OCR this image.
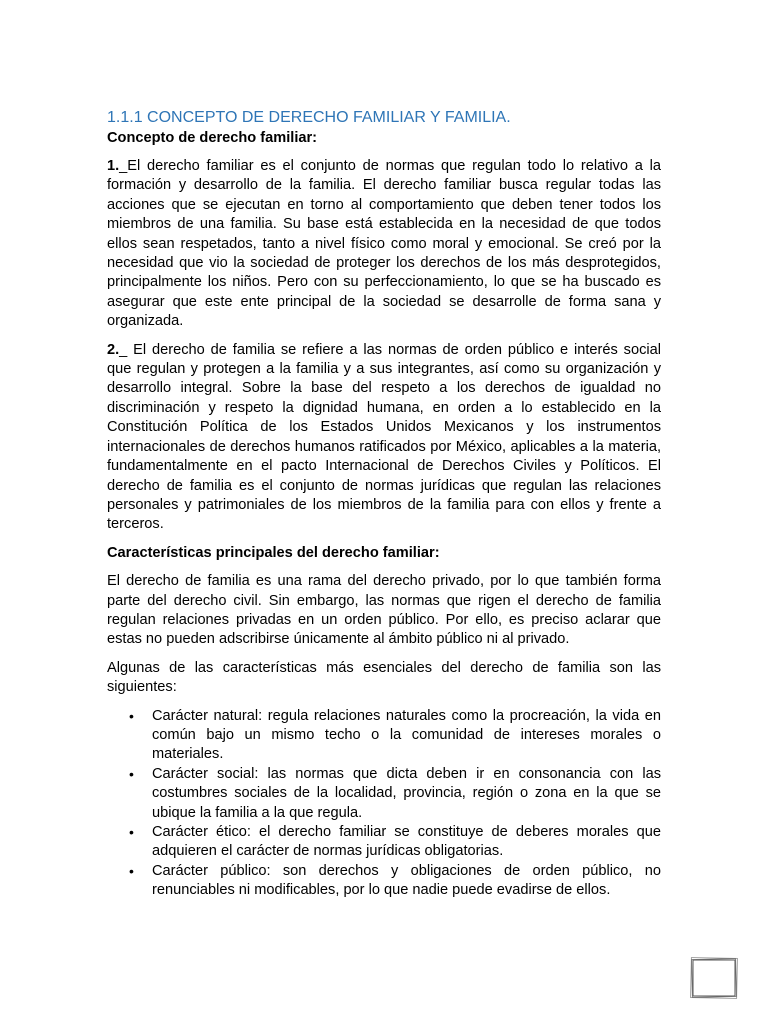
1.1.1 CONCEPTO DE DERECHO FAMILIAR Y FAMILIA.
Concepto de derecho familiar:

1._El derecho familiar es el conjunto de normas que regulan todo lo relativo a la formación y desarrollo de la familia. El derecho familiar busca regular todas las acciones que se ejecutan en torno al comportamiento que deben tener todos los miembros de una familia. Su base está establecida en la necesidad de que todos ellos sean respetados, tanto a nivel físico como moral y emocional. Se creó por la necesidad que vio la sociedad de proteger los derechos de los más desprotegidos, principalmente los niños. Pero con su perfeccionamiento, lo que se ha buscado es asegurar que este ente principal de la sociedad se desarrolle de forma sana y organizada.

2._ El derecho de familia se refiere a las normas de orden público e interés social que regulan y protegen a la familia y a sus integrantes, así como su organización y desarrollo integral. Sobre la base del respeto a los derechos de igualdad no discriminación y respeto la dignidad humana, en orden a lo establecido en la Constitución Política de los Estados Unidos Mexicanos y los instrumentos internacionales de derechos humanos ratificados por México, aplicables a la materia, fundamentalmente en el pacto Internacional de Derechos Civiles y Políticos. El derecho de familia es el conjunto de normas jurídicas que regulan las relaciones personales y patrimoniales de los miembros de la familia para con ellos y frente a terceros.

Características principales del derecho familiar:

El derecho de familia es una rama del derecho privado, por lo que también forma parte del derecho civil. Sin embargo, las normas que rigen el derecho de familia regulan relaciones privadas en un orden público. Por ello, es preciso aclarar que estas no pueden adscribirse únicamente al ámbito público ni al privado.

Algunas de las características más esenciales del derecho de familia son las siguientes:

• Carácter natural: regula relaciones naturales como la procreación, la vida en común bajo un mismo techo o la comunidad de intereses morales o materiales.
• Carácter social: las normas que dicta deben ir en consonancia con las costumbres sociales de la localidad, provincia, región o zona en la que se ubique la familia a la que regula.
• Carácter ético: el derecho familiar se constituye de deberes morales que adquieren el carácter de normas jurídicas obligatorias.
• Carácter público: son derechos y obligaciones de orden público, no renunciables ni modificables, por lo que nadie puede evadirse de ellos.
